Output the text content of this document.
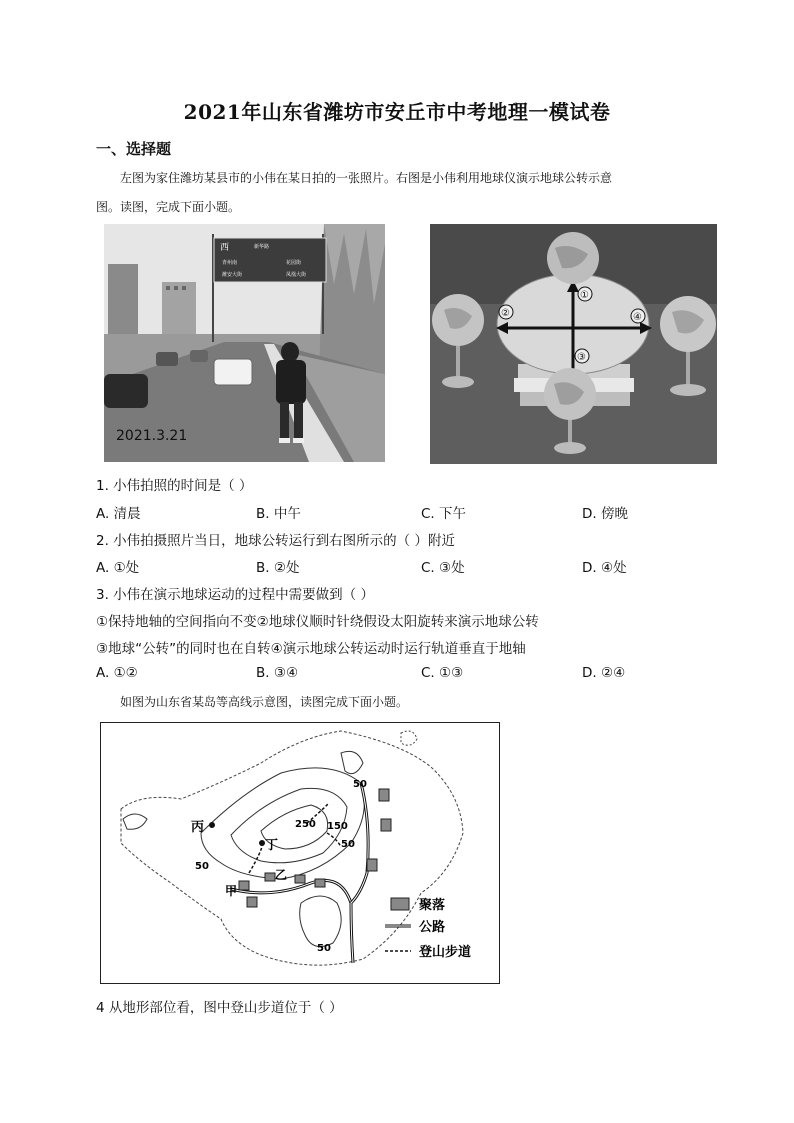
2021年山东省潍坊市安丘市中考地理一模试卷
一、选择题
左图为家住潍坊某县市的小伟在某日拍的一张照片。右图是小伟利用地球仪演示地球公转示意
图。读图，完成下面小题。
西	新华路
青州南	花园街
潍安大街	凤凰大街
2021.3.21
①
②
③
④
1. 小伟拍照的时间是（ ）
A. 清晨	B. 中午	C. 下午	D. 傍晚
2. 小伟拍摄照片当日，地球公转运行到右图所示的（ ）附近
A. ①处	B. ②处	C. ③处	D. ④处
3. 小伟在演示地球运动的过程中需要做到（ ）
①保持地轴的空间指向不变②地球仪顺时针绕假设太阳旋转来演示地球公转
③地球“公转”的同时也在自转④演示地球公转运动时运行轨道垂直于地轴
A. ①②	B. ③④	C. ①③	D. ②④
如图为山东省某岛等高线示意图，读图完成下面小题。
丙
丁
乙
甲
50
250 150
50
50
50
聚落
公路
登山步道
4 从地形部位看，图中登山步道位于（ ）
